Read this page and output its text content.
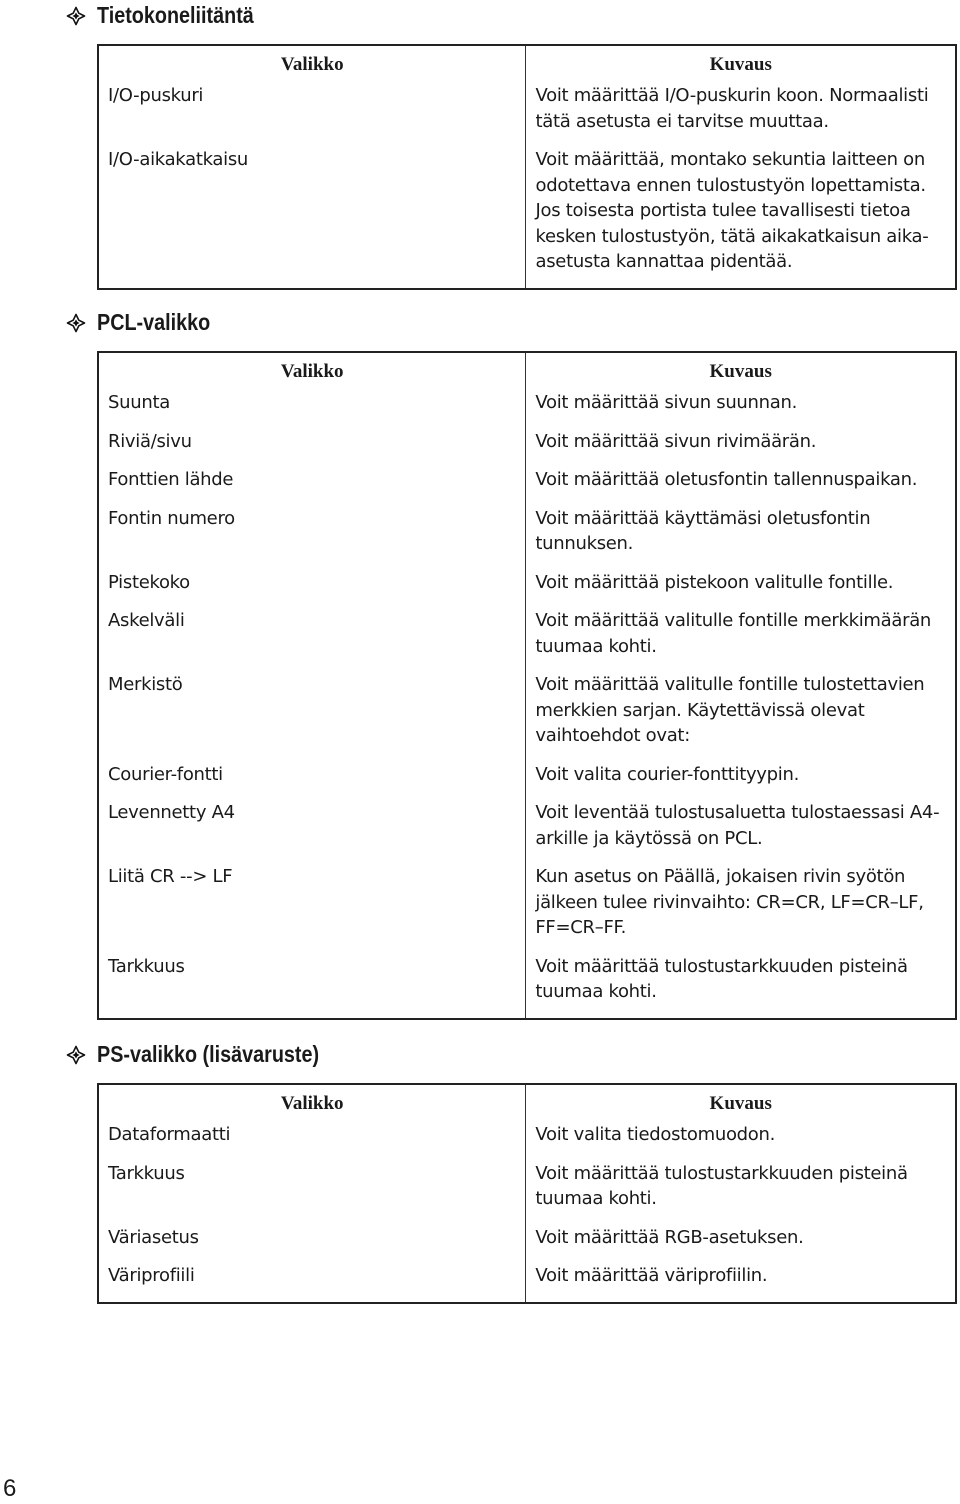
Tietokoneliitäntä
Valikko	Kuvaus
I/O-puskuri	Voit määrittää I/O-puskurin koon. Normaalisti tätä asetusta ei tarvitse muuttaa.
I/O-aikakatkaisu	Voit määrittää, montako sekuntia laitteen on odotettava ennen tulostustyön lopettamista. Jos toisesta portista tulee tavallisesti tietoa kesken tulostustyön, tätä aikakatkaisun aika-asetusta kannattaa pidentää.
PCL-valikko
Valikko	Kuvaus
Suunta	Voit määrittää sivun suunnan.
Riviä/sivu	Voit määrittää sivun rivimäärän.
Fonttien lähde	Voit määrittää oletusfontin tallennuspaikan.
Fontin numero	Voit määrittää käyttämäsi oletusfontin tunnuksen.
Pistekoko	Voit määrittää pistekoon valitulle fontille.
Askelväli	Voit määrittää valitulle fontille merkkimäärän tuumaa kohti.
Merkistö	Voit määrittää valitulle fontille tulostettavien merkkien sarjan. Käytettävissä olevat vaihtoehdot ovat:
Courier-fontti	Voit valita courier-fonttityypin.
Levennetty A4	Voit leventää tulostusaluetta tulostaessasi A4-arkille ja käytössä on PCL.
Liitä CR --> LF	Kun asetus on Päällä, jokaisen rivin syötön jälkeen tulee rivinvaihto: CR=CR, LF=CR–LF, FF=CR–FF.
Tarkkuus	Voit määrittää tulostustarkkuuden pisteinä tuumaa kohti.
PS-valikko (lisävaruste)
Valikko	Kuvaus
Dataformaatti	Voit valita tiedostomuodon.
Tarkkuus	Voit määrittää tulostustarkkuuden pisteinä tuumaa kohti.
Väriasetus	Voit määrittää RGB-asetuksen.
Väriprofiili	Voit määrittää väriprofiilin.

6
